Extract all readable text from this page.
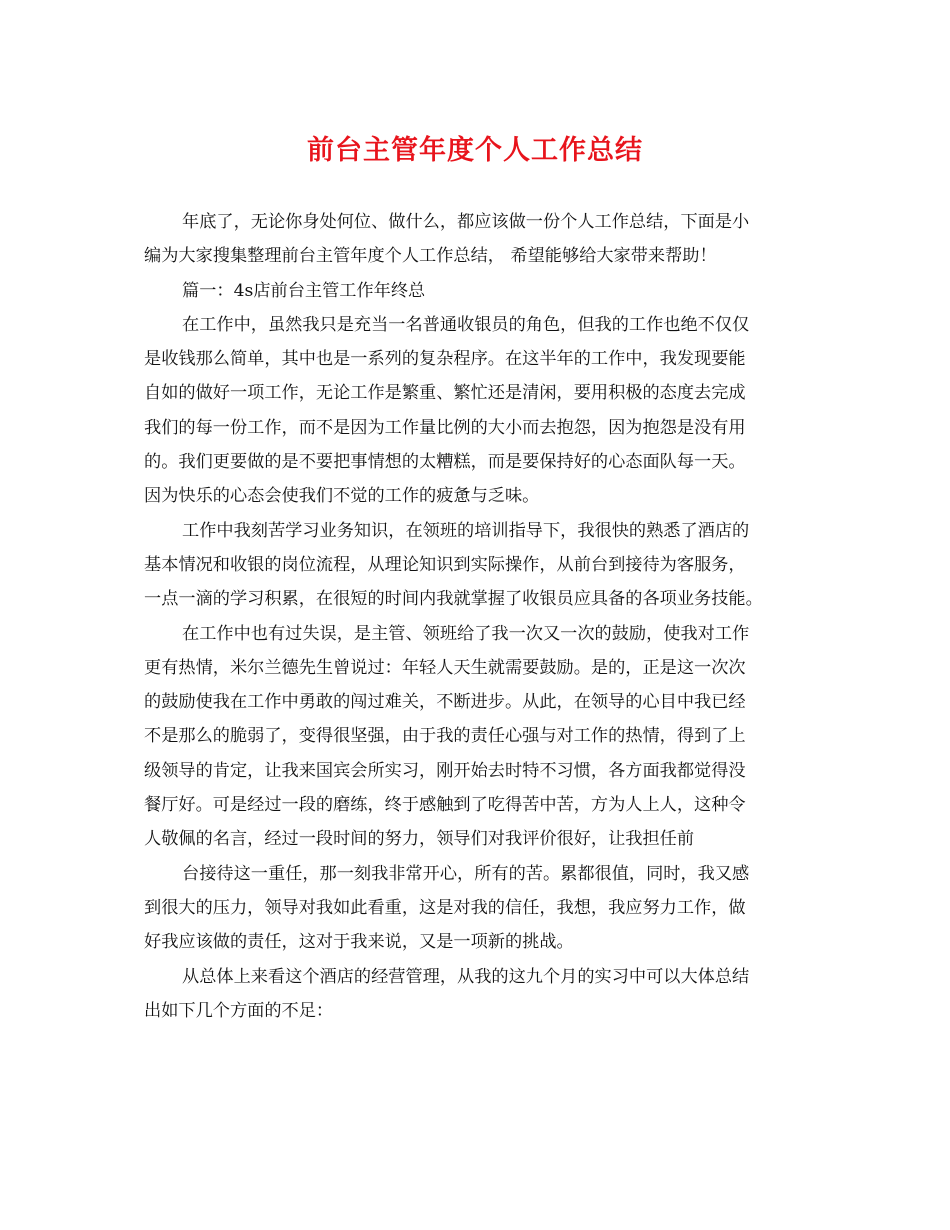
前台主管年度个人工作总结
年底了，无论你身处何位、做什么，都应该做一份个人工作总结，下面是小
编为大家搜集整理前台主管年度个人工作总结， 希望能够给大家带来帮助！
篇一：4s店前台主管工作年终总
在工作中，虽然我只是充当一名普通收银员的角色，但我的工作也绝不仅仅
是收钱那么简单，其中也是一系列的复杂程序。在这半年的工作中，我发现要能
自如的做好一项工作，无论工作是繁重、繁忙还是清闲，要用积极的态度去完成
我们的每一份工作，而不是因为工作量比例的大小而去抱怨，因为抱怨是没有用
的。我们更要做的是不要把事情想的太糟糕，而是要保持好的心态面队每一天。
因为快乐的心态会使我们不觉的工作的疲惫与乏味。
工作中我刻苦学习业务知识，在领班的培训指导下，我很快的熟悉了酒店的
基本情况和收银的岗位流程，从理论知识到实际操作，从前台到接待为客服务，
一点一滴的学习积累，在很短的时间内我就掌握了收银员应具备的各项业务技能。
在工作中也有过失误，是主管、领班给了我一次又一次的鼓励，使我对工作
更有热情，米尔兰德先生曾说过：年轻人天生就需要鼓励。是的，正是这一次次
的鼓励使我在工作中勇敢的闯过难关，不断进步。从此，在领导的心目中我已经
不是那么的脆弱了，变得很坚强，由于我的责任心强与对工作的热情，得到了上
级领导的肯定，让我来国宾会所实习，刚开始去时特不习惯，各方面我都觉得没
餐厅好。可是经过一段的磨练，终于感触到了吃得苦中苦，方为人上人，这种令
人敬佩的名言，经过一段时间的努力，领导们对我评价很好，让我担任前
台接待这一重任，那一刻我非常开心，所有的苦。累都很值，同时，我又感
到很大的压力，领导对我如此看重，这是对我的信任，我想，我应努力工作，做
好我应该做的责任，这对于我来说，又是一项新的挑战。
从总体上来看这个酒店的经营管理，从我的这九个月的实习中可以大体总结
出如下几个方面的不足：
